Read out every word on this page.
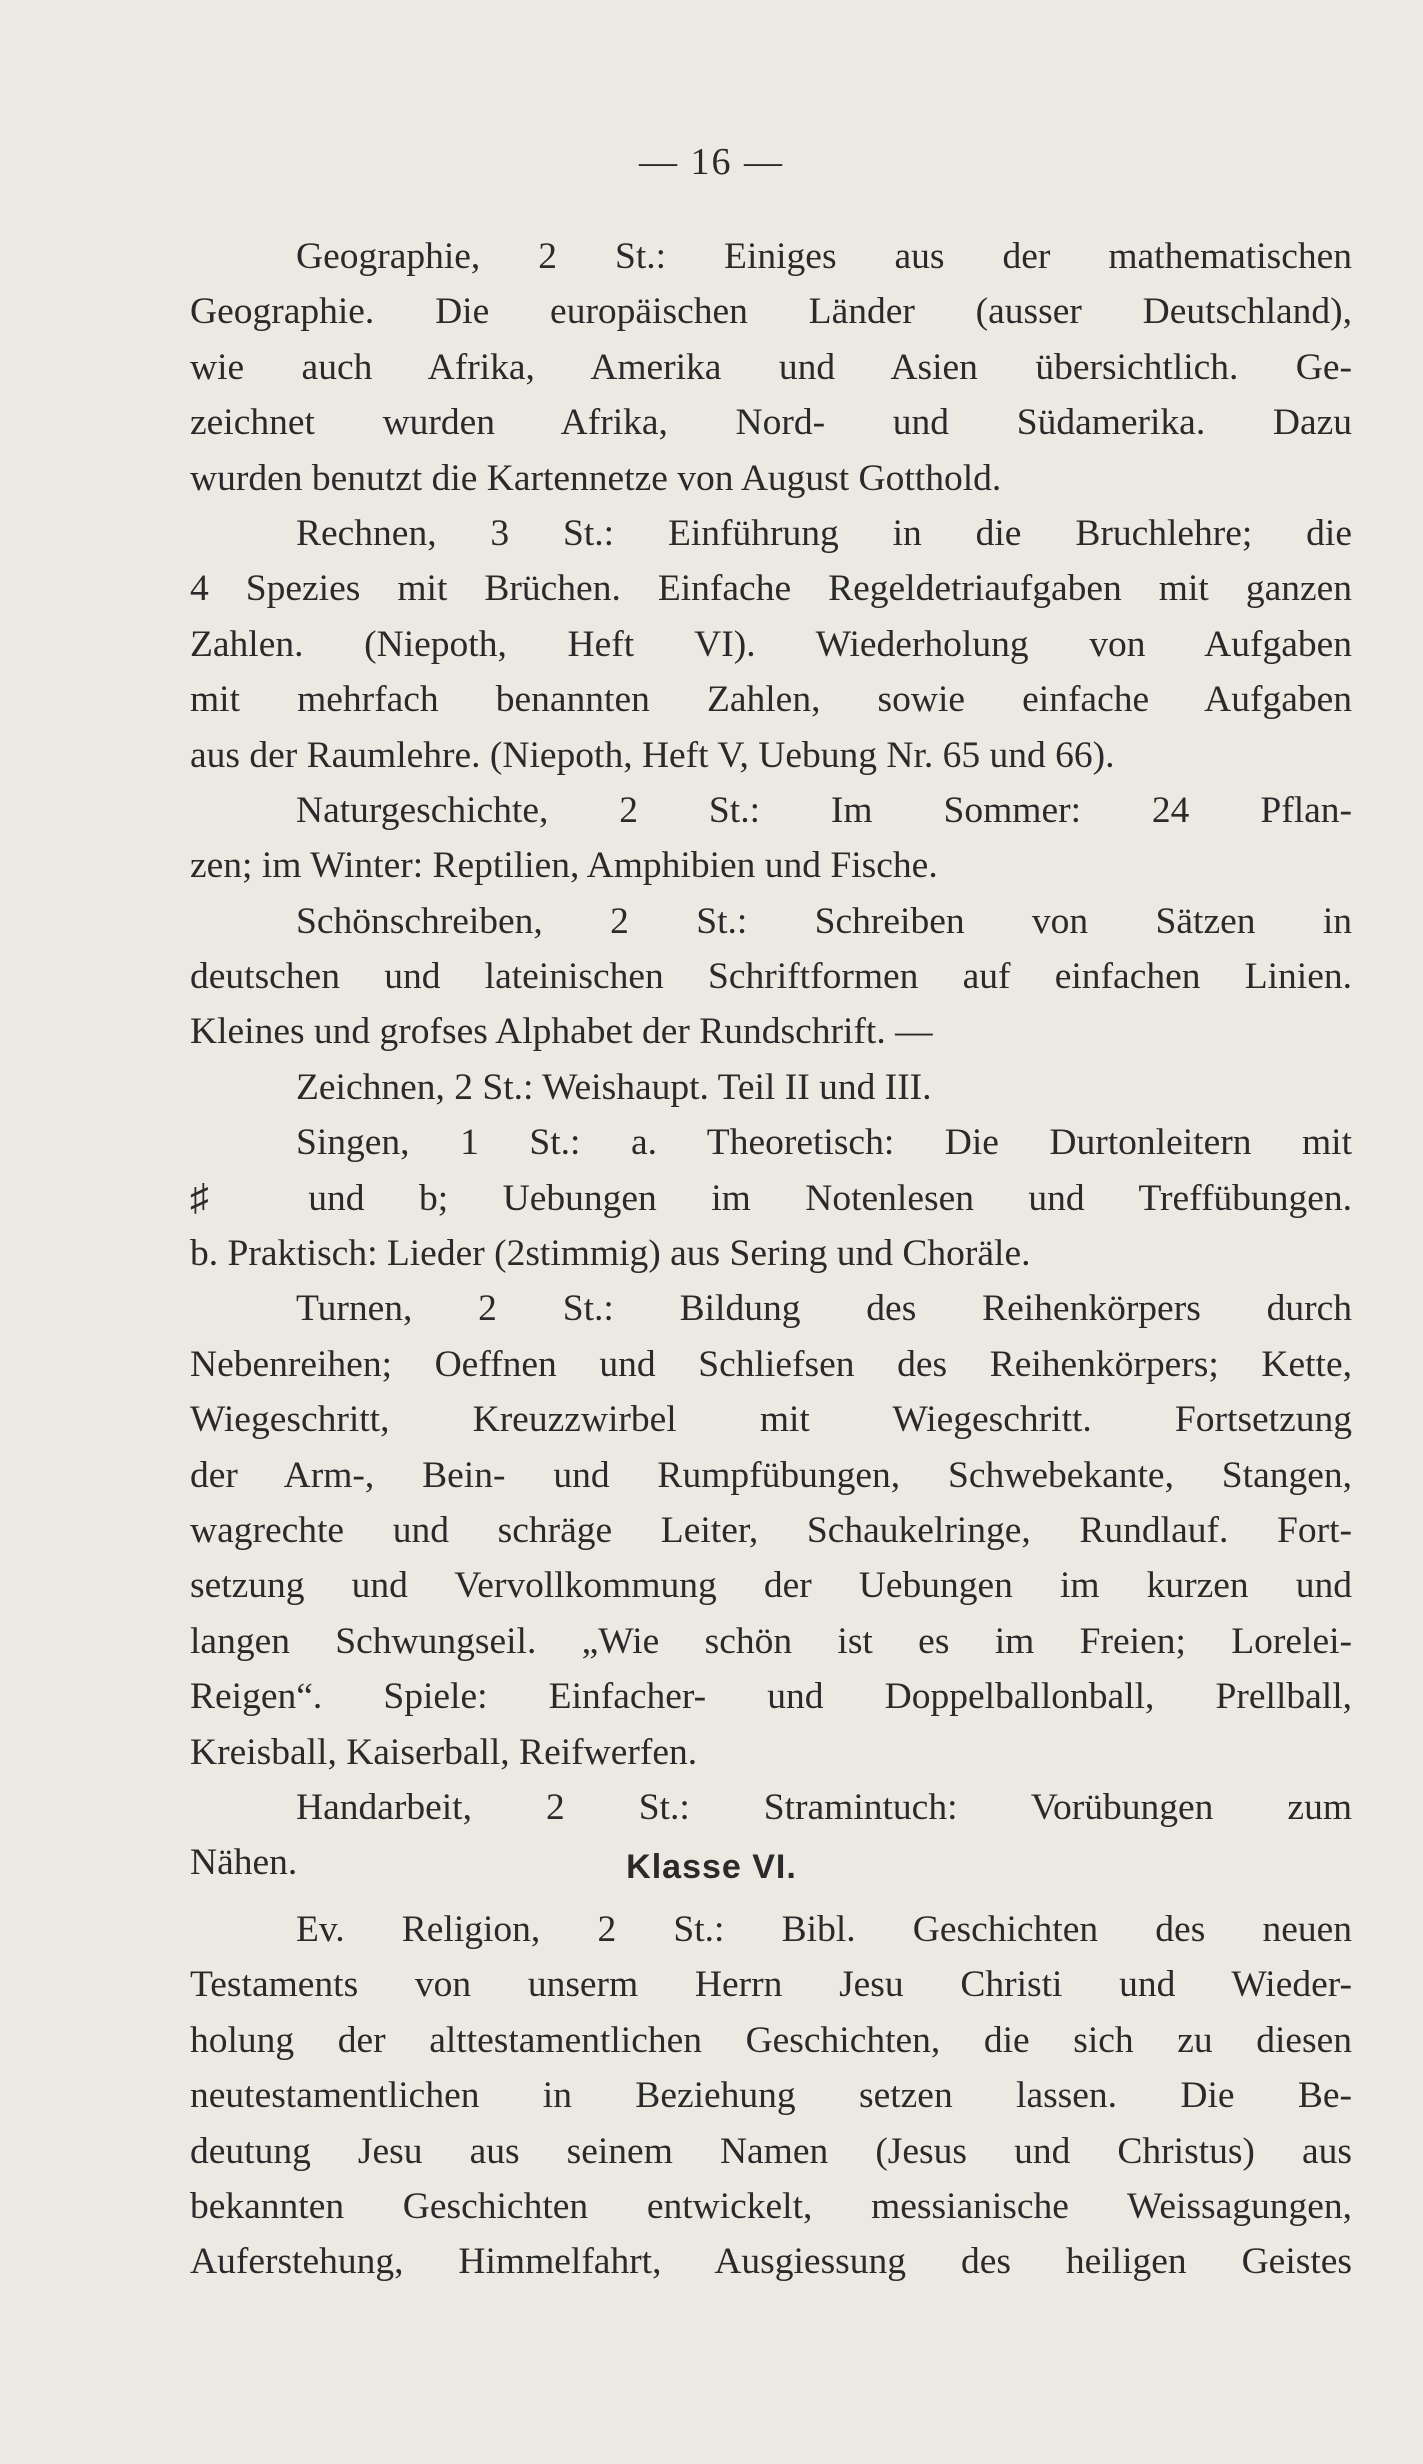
— 16 —
Geographie, 2 St.: Einiges aus der mathematischen
Geographie. Die europäischen Länder (ausser Deutschland),
wie auch Afrika, Amerika und Asien übersichtlich. Ge-
zeichnet wurden Afrika, Nord- und Südamerika. Dazu
wurden benutzt die Kartennetze von August Gotthold.
Rechnen, 3 St.: Einführung in die Bruchlehre; die
4 Spezies mit Brüchen. Einfache Regeldetriaufgaben mit ganzen
Zahlen. (Niepoth, Heft VI). Wiederholung von Aufgaben
mit mehrfach benannten Zahlen, sowie einfache Aufgaben
aus der Raumlehre. (Niepoth, Heft V, Uebung Nr. 65 und 66).
Naturgeschichte, 2 St.: Im Sommer: 24 Pflan-
zen; im Winter: Reptilien, Amphibien und Fische.
Schönschreiben, 2 St.: Schreiben von Sätzen in
deutschen und lateinischen Schriftformen auf einfachen Linien.
Kleines und grofses Alphabet der Rundschrift. —
Zeichnen, 2 St.: Weishaupt. Teil II und III.
Singen, 1 St.: a. Theoretisch: Die Durtonleitern mit
♯ und b; Uebungen im Notenlesen und Treffübungen.
b. Praktisch: Lieder (2stimmig) aus Sering und Choräle.
Turnen, 2 St.: Bildung des Reihenkörpers durch
Nebenreihen; Oeffnen und Schliefsen des Reihenkörpers; Kette,
Wiegeschritt, Kreuzzwirbel mit Wiegeschritt. Fortsetzung
der Arm-, Bein- und Rumpfübungen, Schwebekante, Stangen,
wagrechte und schräge Leiter, Schaukelringe, Rundlauf. Fort-
setzung und Vervollkommung der Uebungen im kurzen und
langen Schwungseil. „Wie schön ist es im Freien; Lorelei-
Reigen“. Spiele: Einfacher- und Doppelballonball, Prellball,
Kreisball, Kaiserball, Reifwerfen.
Handarbeit, 2 St.: Stramintuch: Vorübungen zum
Nähen.	Klasse VI.
Ev. Religion, 2 St.: Bibl. Geschichten des neuen
Testaments von unserm Herrn Jesu Christi und Wieder-
holung der alttestamentlichen Geschichten, die sich zu diesen
neutestamentlichen in Beziehung setzen lassen. Die Be-
deutung Jesu aus seinem Namen (Jesus und Christus) aus
bekannten Geschichten entwickelt, messianische Weissagungen,
Auferstehung, Himmelfahrt, Ausgiessung des heiligen Geistes
